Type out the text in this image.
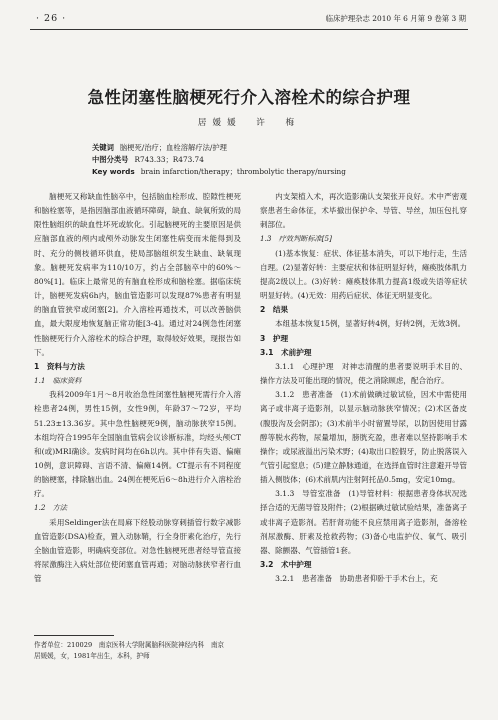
· 26 ·	临床护理杂志 2010 年 6 月第 9 卷第 3 期
急性闭塞性脑梗死行介入溶栓术的综合护理
居媛媛　许　梅
关键词 脑梗死/治疗；血栓溶解疗法/护理
中图分类号 R743.33；R473.74
Key words brain infarction/therapy；thrombolytic therapy/nursing

脑梗死又称缺血性脑卒中，包括脑血栓形成、腔隙性梗死和脑栓塞等，是指因脑部血液循环障碍，缺血、缺氧所致的局限性脑组织的缺血性坏死或软化。引起脑梗死的主要原因是供应脑部血液的颅内或颅外动脉发生闭塞性病变而未能得到及时、充分的侧枝循环供血，使局部脑组织发生缺血、缺氧现象。脑梗死发病率为110/10万，约占全部脑卒中的60%～80%[1]。临床上最常见的有脑血栓形成和脑栓塞。据临床统计，脑梗死发病6h内，脑血管造影可以发现87%患者有明显的脑血管狭窄或闭塞[2]。介入溶栓再通技术，可以改善脑供血，最大限度地恢复脑正常功能[3-4]。通过对24例急性闭塞性脑梗死行介入溶栓术的综合护理，取得较好效果，现报告如下。

1　资料与方法
1.1　临床资料

我科2009年1月～8月收治急性闭塞性脑梗死需行介入溶栓患者24例，男性15例，女性9例，年龄37～72岁，平均51.23±13.36岁。其中急性脑梗死9例，脑动脉狭窄15例。本组均符合1995年全国脑血管病会议诊断标准，均经头颅CT和(或)MRI确诊。发病时间均在6h以内。其中伴有失语、偏瘫10例，意识障碍、言语不清、偏瘫14例。CT提示有不同程度的脑梗塞，排除脑出血。24例在梗死后6～8h进行介入溶栓治疗。

1.2　方法

采用Seldinger法在局麻下经股动脉穿刺插管行数字减影血管造影(DSA)检查，置入动脉鞘，行全身肝素化治疗，先行全脑血管造影，明确病变部位。对急性脑梗死患者经导管直接将尿激酶注入病灶部位使闭塞血管再通；对脑动脉狭窄者行血管

内支架植入术，再次造影确认支架张开良好。术中严密观察患者生命体征，术毕撤出保护伞、导管、导丝，加压包扎穿刺部位。

1.3　疗效判断标准[5]

(1)基本恢复：症状、体征基本消失，可以下地行走，生活自理。(2)显著好转：主要症状和体征明显好转，瘫痪肢体肌力提高2级以上。(3)好转：瘫痪肢体肌力提高1级或失语等症状明显好转。(4)无效：用药后症状、体征无明显变化。

2　结果

本组基本恢复15例，显著好转4例，好转2例，无效3例。

3　护理
3.1　术前护理

3.1.1　心理护理　对神志清醒的患者要说明手术目的、操作方法及可能出现的情况，使之消除顾虑，配合治疗。

3.1.2　患者准备　(1)术前做碘过敏试验，因术中需使用离子或非离子造影剂，以显示脑动脉狭窄情况；(2)术区备皮(腹股沟及会阴部)；(3)术前半小时留置导尿，以防因使用甘露醇等脱水药物，尿量增加，膀胱充盈，患者难以坚持影响手术操作；或尿液溢出污染术野；(4)取出口腔假牙，防止脱落误入气管引起窒息；(5)建立静脉通道，在选择血管时注意避开导管插入侧肢体；(6)术前肌内注射阿托品0.5mg，安定10mg。

3.1.3　导管室准备　(1)导管材料：根据患者身体状况选择合适的无菌导管及附件；(2)根据碘过敏试验结果，准备离子或非离子造影剂。若肝肾功能不良应禁用离子造影剂，备溶栓剂尿激酶、肝素及抢救药物；(3)备心电监护仪、氧气、吸引器、除颤器、气管插管1套。

3.2　术中护理

3.2.1　患者准备　协助患者仰卧于手术台上，充

作者单位：210029　南京医科大学附属脑科医院神经内科　南京

居媛媛，女，1981年出生，本科，护师
